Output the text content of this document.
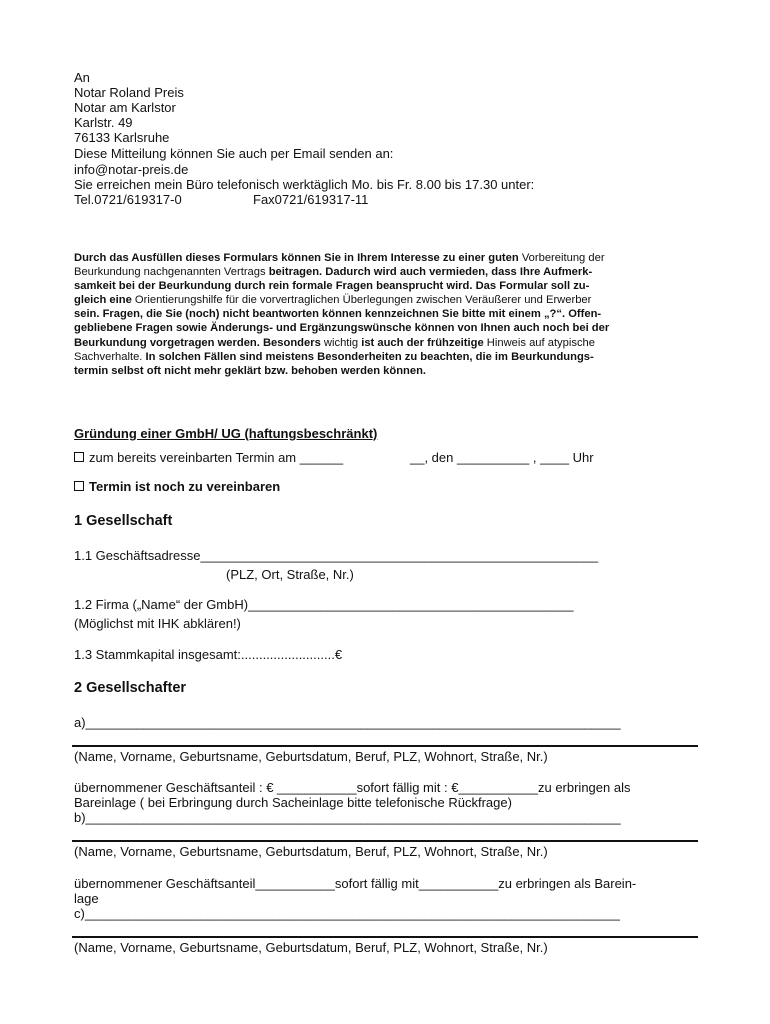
An
Notar Roland Preis
Notar am Karlstor
Karlstr. 49
76133 Karlsruhe
Diese Mitteilung können Sie auch per Email senden an:
info@notar-preis.de
Sie erreichen mein Büro telefonisch werktäglich Mo. bis Fr. 8.00 bis 17.30 unter:
Tel.0721/619317-0	Fax0721/619317-11
Durch das Ausfüllen dieses Formulars können Sie in Ihrem Interesse zu einer guten Vorbereitung der
Beurkundung nachgenannten Vertrags beitragen. Dadurch wird auch vermieden, dass Ihre Aufmerk-
samkeit bei der Beurkundung durch rein formale Fragen beansprucht wird. Das Formular soll zu-
gleich eine Orientierungshilfe für die vorvertraglichen Überlegungen zwischen Veräußerer und Erwerber
sein. Fragen, die Sie (noch) nicht beantworten können kennzeichnen Sie bitte mit einem „?“. Offen-
gebliebene Fragen sowie Änderungs- und Ergänzungswünsche können von Ihnen auch noch bei der
Beurkundung vorgetragen werden. Besonders wichtig ist auch der frühzeitige Hinweis auf atypische
Sachverhalte. In solchen Fällen sind meistens Besonderheiten zu beachten, die im Beurkundungs-
termin selbst oft nicht mehr geklärt bzw. behoben werden können.
Gründung einer GmbH/ UG (haftungsbeschränkt)
zum bereits vereinbarten Termin am ______	__, den __________ , ____ Uhr
Termin ist noch zu vereinbaren
1 Gesellschaft
1.1 Geschäftsadresse_______________________________________________________
(PLZ, Ort, Straße, Nr.)
1.2 Firma („Name“ der GmbH)_____________________________________________
(Möglichst mit IHK abklären!)
1.3 Stammkapital insgesamt:..........................€
2 Gesellschafter
a)__________________________________________________________________________
(Name, Vorname, Geburtsname, Geburtsdatum, Beruf, PLZ, Wohnort, Straße, Nr.)
übernommener Geschäftsanteil : € ___________sofort fällig mit : €___________zu erbringen als
Bareinlage ( bei Erbringung durch Sacheinlage bitte telefonische Rückfrage)
b)__________________________________________________________________________
(Name, Vorname, Geburtsname, Geburtsdatum, Beruf, PLZ, Wohnort, Straße, Nr.)
übernommener Geschäftsanteil___________sofort fällig mit___________zu erbringen als Barein-
lage
c)__________________________________________________________________________
(Name, Vorname, Geburtsname, Geburtsdatum, Beruf, PLZ, Wohnort, Straße, Nr.)
